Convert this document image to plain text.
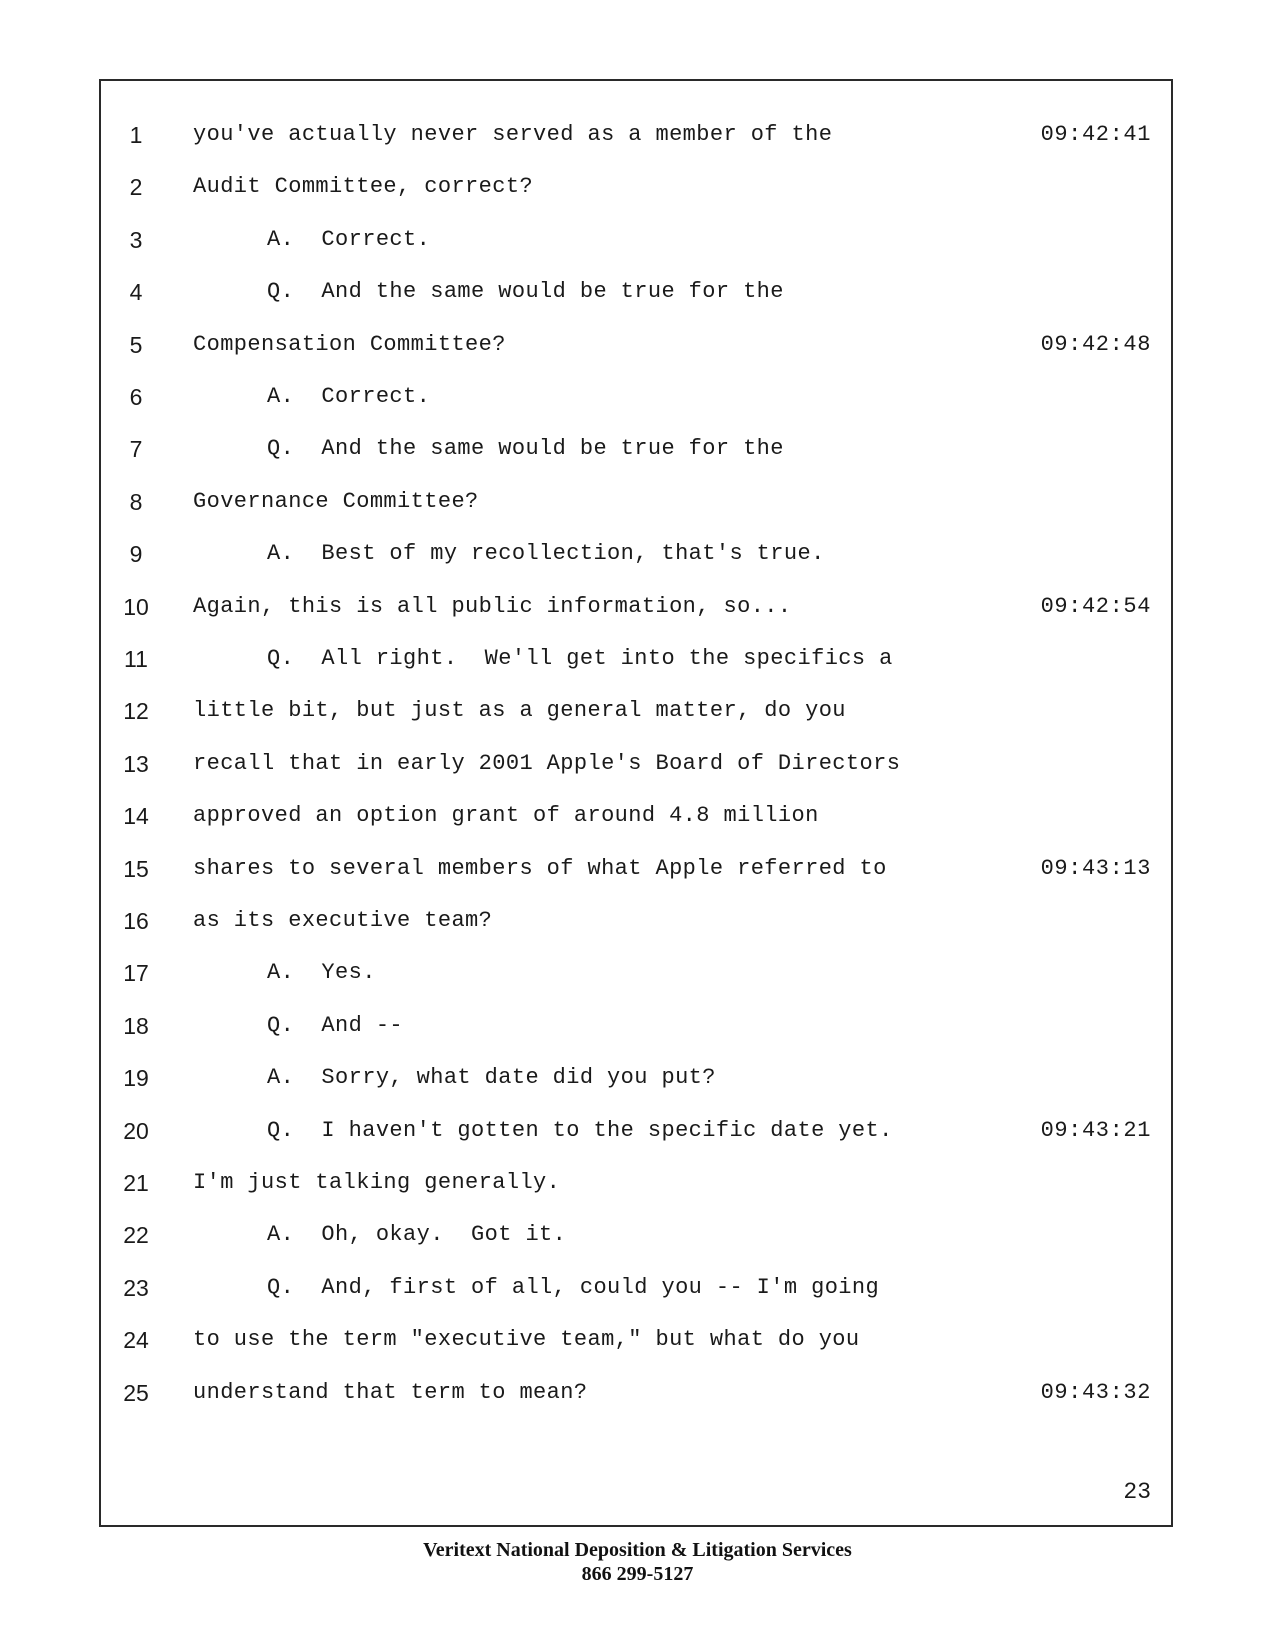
1	you've actually never served as a member of the	09:42:41
2	Audit Committee, correct?
3	A.  Correct.
4	Q.  And the same would be true for the
5	Compensation Committee?	09:42:48
6	A.  Correct.
7	Q.  And the same would be true for the
8	Governance Committee?
9	A.  Best of my recollection, that's true.
10	Again, this is all public information, so...	09:42:54
11	Q.  All right.  We'll get into the specifics a
12	little bit, but just as a general matter, do you
13	recall that in early 2001 Apple's Board of Directors
14	approved an option grant of around 4.8 million
15	shares to several members of what Apple referred to	09:43:13
16	as its executive team?
17	A.  Yes.
18	Q.  And --
19	A.  Sorry, what date did you put?
20	Q.  I haven't gotten to the specific date yet.	09:43:21
21	I'm just talking generally.
22	A.  Oh, okay.  Got it.
23	Q.  And, first of all, could you -- I'm going
24	to use the term "executive team," but what do you
25	understand that term to mean?	09:43:32
23
Veritext National Deposition & Litigation Services
866 299-5127
